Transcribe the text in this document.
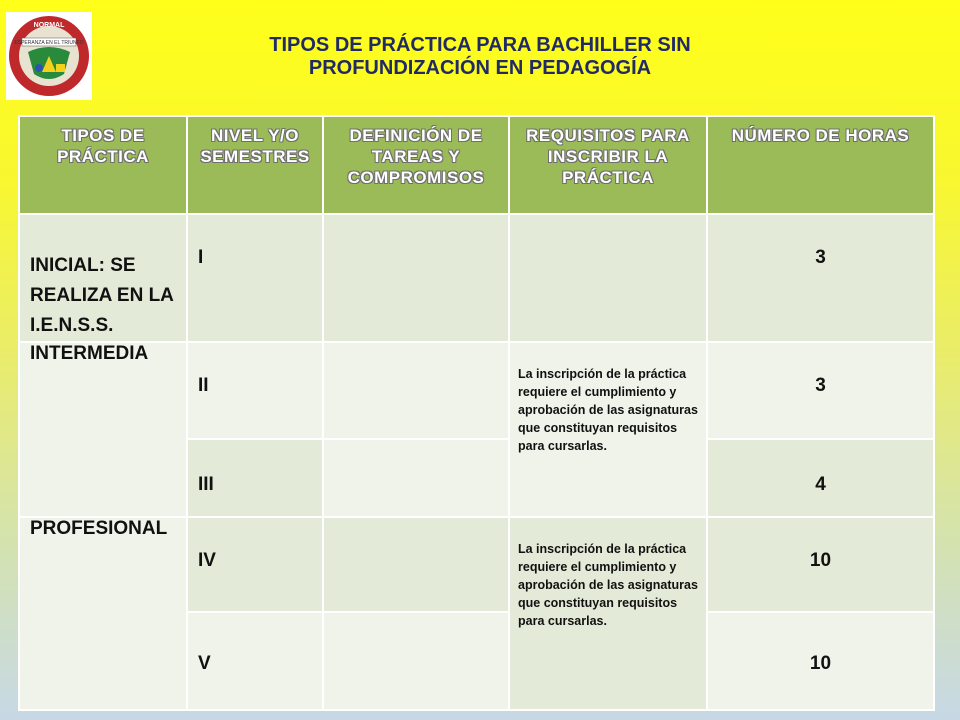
ESPERANZA EN EL TRIUNFO
NORMAL
TIPOS DE PRÁCTICA PARA BACHILLER SIN
PROFUNDIZACIÓN EN PEDAGOGÍA
TIPOS DE PRÁCTICA	NIVEL Y/O SEMESTRES	DEFINICIÓN DE TAREAS Y COMPROMISOS	REQUISITOS PARA INSCRIBIR LA PRÁCTICA	NÚMERO DE HORAS
INICIAL: SE REALIZA EN LA I.E.N.S.S.	I			3
INTERMEDIA	II		La inscripción de la práctica requiere el cumplimiento y aprobación de las asignaturas que constituyan requisitos para cursarlas.	3
	III			4
PROFESIONAL	IV		La inscripción de la práctica requiere el cumplimiento y aprobación de las asignaturas que constituyan requisitos para cursarlas.	10
	V			10
